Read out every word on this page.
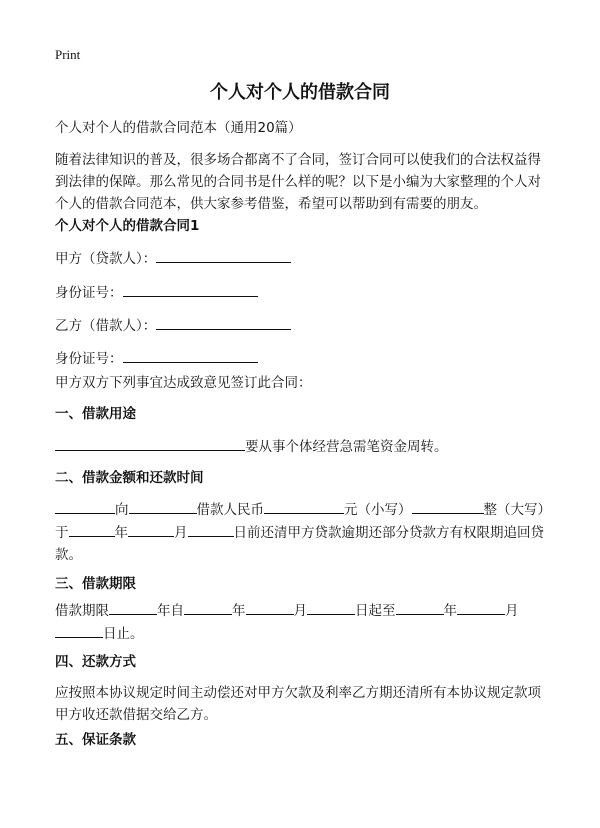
Print
个人对个人的借款合同
个人对个人的借款合同范本（通用20篇）
随着法律知识的普及，很多场合都离不了合同，签订合同可以使我们的合法权益得到法律的保障。那么常见的合同书是什么样的呢？以下是小编为大家整理的个人对个人的借款合同范本，供大家参考借鉴，希望可以帮助到有需要的朋友。
个人对个人的借款合同1
甲方（贷款人）：
身份证号：
乙方（借款人）：
身份证号：
甲方双方下列事宜达成致意见签订此合同：
一、借款用途
要从事个体经营急需笔资金周转。
二、借款金额和还款时间
向	借款人民币	元（小写）	整（大写）于	年	月	日前还清甲方贷款逾期还部分贷款方有权限期追回贷款。
三、借款期限
借款期限	年自	年	月	日起至	年	月
日止。
四、还款方式
应按照本协议规定时间主动偿还对甲方欠款及利率乙方期还清所有本协议规定款项甲方收还款借据交给乙方。
五、保证条款
